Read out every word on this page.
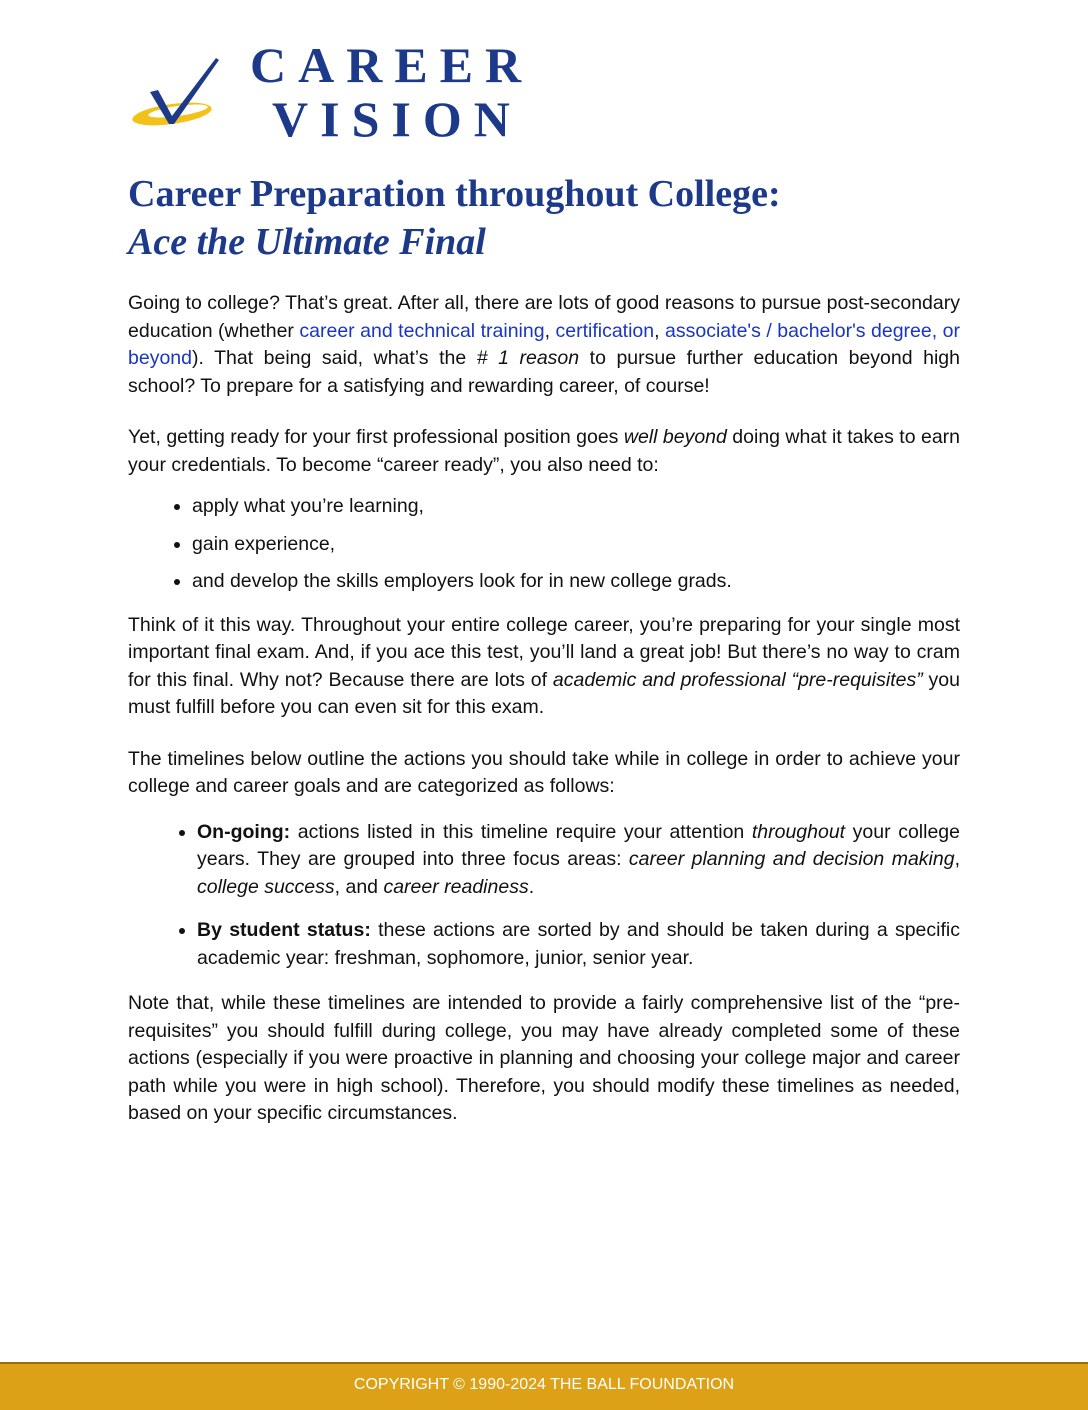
CAREER
VISION
Career Preparation throughout College:
Ace the Ultimate Final

Going to college? That’s great. After all, there are lots of good reasons to pursue post-secondary education (whether career and technical training, certification, associate's / bachelor's degree, or beyond). That being said, what’s the # 1 reason to pursue further education beyond high school? To prepare for a satisfying and rewarding career, of course!

Yet, getting ready for your first professional position goes well beyond doing what it takes to earn your credentials. To become “career ready”, you also need to:

• apply what you’re learning,
• gain experience,
• and develop the skills employers look for in new college grads.

Think of it this way. Throughout your entire college career, you’re preparing for your single most important final exam. And, if you ace this test, you’ll land a great job! But there’s no way to cram for this final. Why not? Because there are lots of academic and professional “pre-requisites” you must fulfill before you can even sit for this exam.

The timelines below outline the actions you should take while in college in order to achieve your college and career goals and are categorized as follows:

• On-going: actions listed in this timeline require your attention throughout your college years. They are grouped into three focus areas: career planning and decision making, college success, and career readiness.
• By student status: these actions are sorted by and should be taken during a specific academic year: freshman, sophomore, junior, senior year.

Note that, while these timelines are intended to provide a fairly comprehensive list of the “pre-requisites” you should fulfill during college, you may have already completed some of these actions (especially if you were proactive in planning and choosing your college major and career path while you were in high school). Therefore, you should modify these timelines as needed, based on your specific circumstances.

COPYRIGHT © 1990-2024 THE BALL FOUNDATION
